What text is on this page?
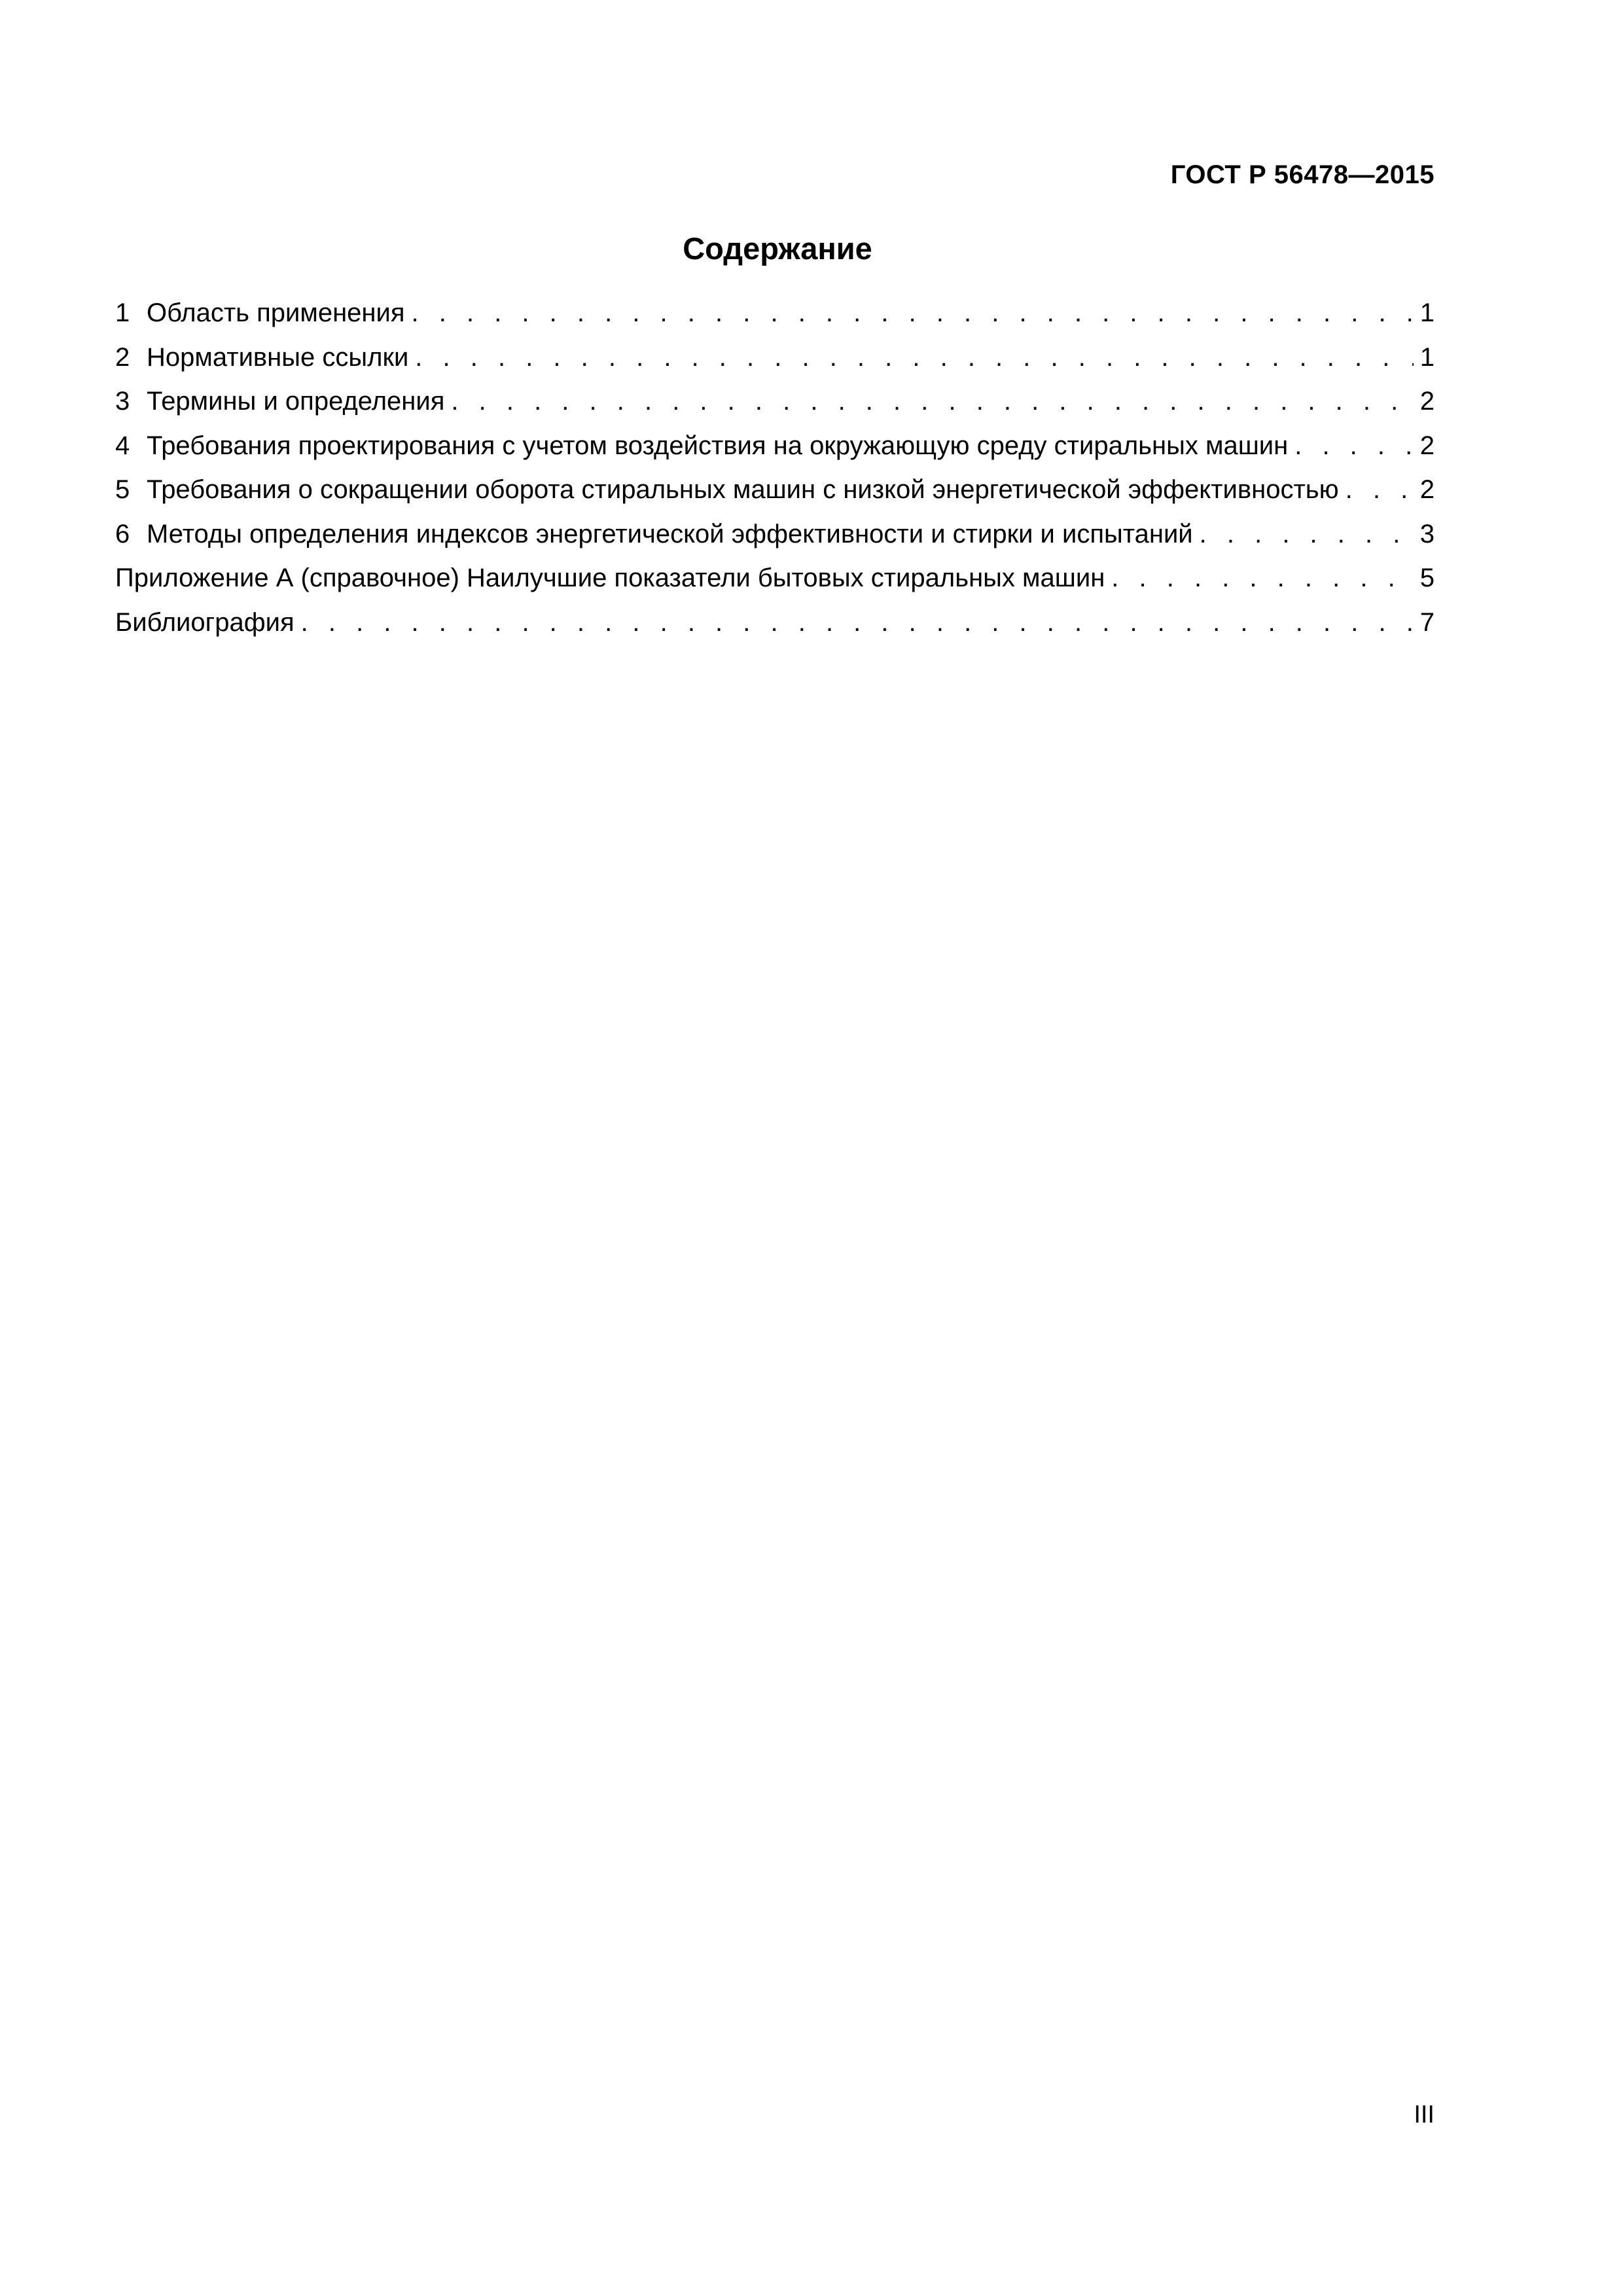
ГОСТ Р 56478—2015
Содержание
1 Область применения . . .	1
2 Нормативные ссылки . . .	1
3 Термины и определения . . .	2
4 Требования проектирования с учетом воздействия на окружающую среду стиральных машин . . .	2
5 Требования о сокращении оборота стиральных машин с низкой энергетической эффективностью . . .	2
6 Методы определения индексов энергетической эффективности и стирки и испытаний . . .	3
Приложение А (справочное) Наилучшие показатели бытовых стиральных машин . . .	5
Библиография . . .	7
III
